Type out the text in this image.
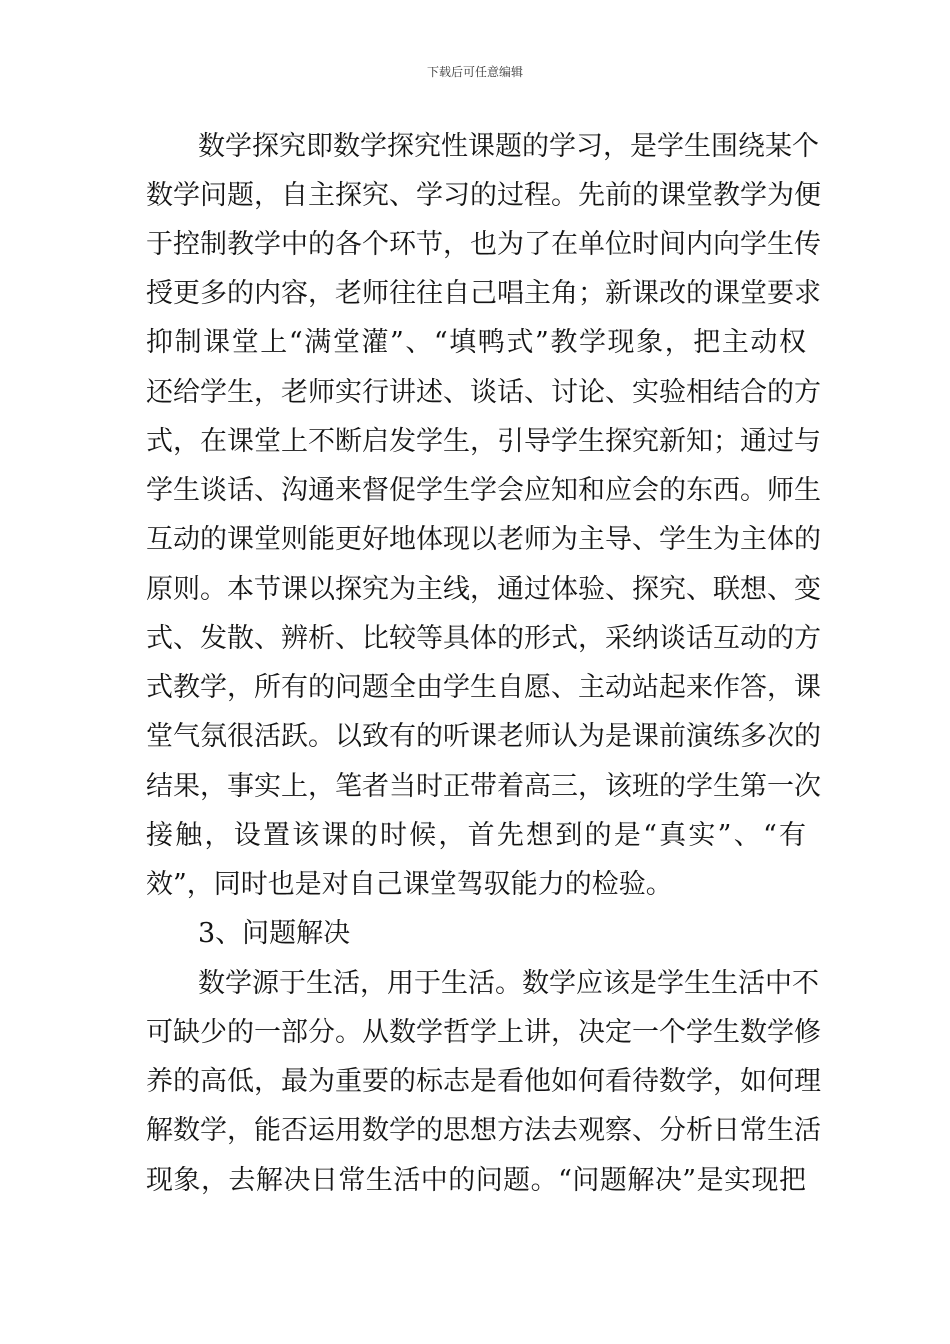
下载后可任意编辑
数学探究即数学探究性课题的学习，是学生围绕某个
数学问题，自主探究、学习的过程。先前的课堂教学为便
于控制教学中的各个环节，也为了在单位时间内向学生传
授更多的内容，老师往往自己唱主角；新课改的课堂要求
抑制课堂上“满堂灌”、“填鸭式”教学现象，把主动权
还给学生，老师实行讲述、谈话、讨论、实验相结合的方
式，在课堂上不断启发学生，引导学生探究新知；通过与
学生谈话、沟通来督促学生学会应知和应会的东西。师生
互动的课堂则能更好地体现以老师为主导、学生为主体的
原则。本节课以探究为主线，通过体验、探究、联想、变
式、发散、辨析、比较等具体的形式，采纳谈话互动的方
式教学，所有的问题全由学生自愿、主动站起来作答，课
堂气氛很活跃。以致有的听课老师认为是课前演练多次的
结果，事实上，笔者当时正带着高三，该班的学生第一次
接触，设置该课的时候，首先想到的是“真实”、“有
效”，同时也是对自己课堂驾驭能力的检验。
3、问题解决
数学源于生活，用于生活。数学应该是学生生活中不
可缺少的一部分。从数学哲学上讲，决定一个学生数学修
养的高低，最为重要的标志是看他如何看待数学，如何理
解数学，能否运用数学的思想方法去观察、分析日常生活
现象，去解决日常生活中的问题。“问题解决”是实现把
